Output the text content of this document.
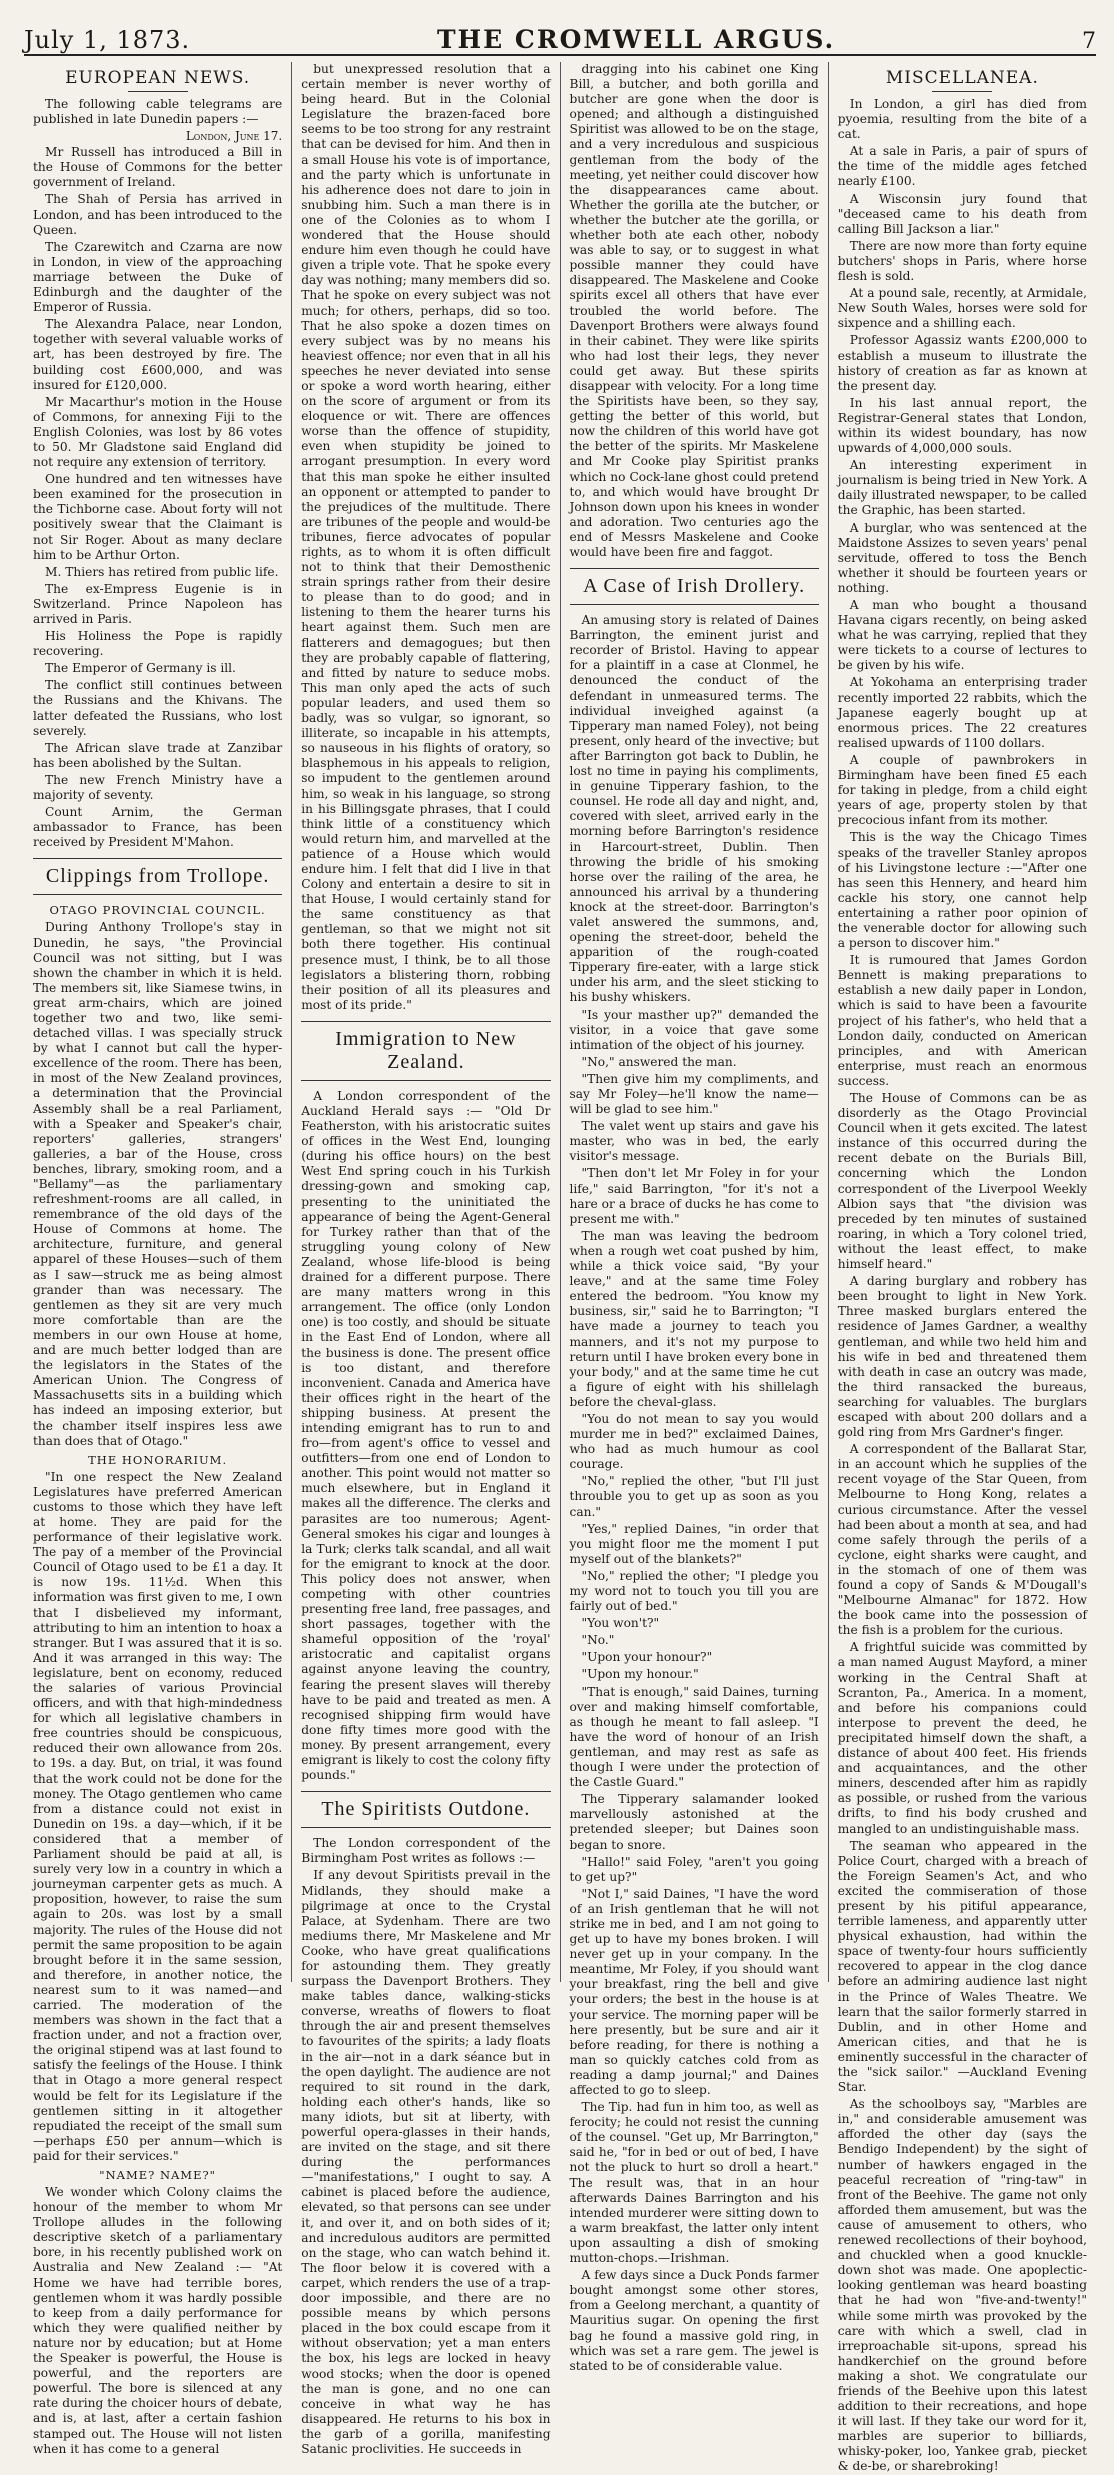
July 1, 1873.	THE CROMWELL ARGUS.	7
EUROPEAN NEWS.

The following cable telegrams are published in late Dunedin papers :—

London, June 17.

Mr Russell has introduced a Bill in the House of Commons for the better government of Ireland.

The Shah of Persia has arrived in London, and has been introduced to the Queen.

The Czarewitch and Czarna are now in London, in view of the approaching marriage between the Duke of Edinburgh and the daughter of the Emperor of Russia.

The Alexandra Palace, near London, together with several valuable works of art, has been destroyed by fire. The building cost £600,000, and was insured for £120,000.

Mr Macarthur's motion in the House of Commons, for annexing Fiji to the English Colonies, was lost by 86 votes to 50. Mr Gladstone said England did not require any extension of territory.

One hundred and ten witnesses have been examined for the prosecution in the Tichborne case. About forty will not positively swear that the Claimant is not Sir Roger. About as many declare him to be Arthur Orton.

M. Thiers has retired from public life.

The ex-Empress Eugenie is in Switzerland. Prince Napoleon has arrived in Paris.

His Holiness the Pope is rapidly recovering.

The Emperor of Germany is ill.

The conflict still continues between the Russians and the Khivans. The latter defeated the Russians, who lost severely.

The African slave trade at Zanzibar has been abolished by the Sultan.

The new French Ministry have a majority of seventy.

Count Arnim, the German ambassador to France, has been received by President M'Mahon.

Clippings from Trollope.
OTAGO PROVINCIAL COUNCIL.

During Anthony Trollope's stay in Dunedin, he says, "the Provincial Council was not sitting, but I was shown the chamber in which it is held. The members sit, like Siamese twins, in great arm-chairs, which are joined together two and two, like semi-detached villas. I was specially struck by what I cannot but call the hyper-excellence of the room. There has been, in most of the New Zealand provinces, a determination that the Provincial Assembly shall be a real Parliament, with a Speaker and Speaker's chair, reporters' galleries, strangers' galleries, a bar of the House, cross benches, library, smoking room, and a "Bellamy"—as the parliamentary refreshment-rooms are all called, in remembrance of the old days of the House of Commons at home. The architecture, furniture, and general apparel of these Houses—such of them as I saw—struck me as being almost grander than was necessary. The gentlemen as they sit are very much more comfortable than are the members in our own House at home, and are much better lodged than are the legislators in the States of the American Union. The Congress of Massachusetts sits in a building which has indeed an imposing exterior, but the chamber itself inspires less awe than does that of Otago."

THE HONORARIUM.

"In one respect the New Zealand Legislatures have preferred American customs to those which they have left at home. They are paid for the performance of their legislative work. The pay of a member of the Provincial Council of Otago used to be £1 a day. It is now 19s. 11½d. When this information was first given to me, I own that I disbelieved my informant, attributing to him an intention to hoax a stranger. But I was assured that it is so. And it was arranged in this way: The legislature, bent on economy, reduced the salaries of various Provincial officers, and with that high-mindedness for which all legislative chambers in free countries should be conspicuous, reduced their own allowance from 20s. to 19s. a day. But, on trial, it was found that the work could not be done for the money. The Otago gentlemen who came from a distance could not exist in Dunedin on 19s. a day—which, if it be considered that a member of Parliament should be paid at all, is surely very low in a country in which a journeyman carpenter gets as much. A proposition, however, to raise the sum again to 20s. was lost by a small majority. The rules of the House did not permit the same proposition to be again brought before it in the same session, and therefore, in another notice, the nearest sum to it was named—and carried. The moderation of the members was shown in the fact that a fraction under, and not a fraction over, the original stipend was at last found to satisfy the feelings of the House. I think that in Otago a more general respect would be felt for its Legislature if the gentlemen sitting in it altogether repudiated the receipt of the small sum—perhaps £50 per annum—which is paid for their services."

"NAME? NAME?"

We wonder which Colony claims the honour of the member to whom Mr Trollope alludes in the following descriptive sketch of a parliamentary bore, in his recently published work on Australia and New Zealand :— "At Home we have had terrible bores, gentlemen whom it was hardly possible to keep from a daily performance for which they were qualified neither by nature nor by education; but at Home the Speaker is powerful, the House is powerful, and the reporters are powerful. The bore is silenced at any rate during the choicer hours of debate, and is, at last, after a certain fashion stamped out. The House will not listen when it has come to a general

but unexpressed resolution that a certain member is never worthy of being heard. But in the Colonial Legislature the brazen-faced bore seems to be too strong for any restraint that can be devised for him. And then in a small House his vote is of importance, and the party which is unfortunate in his adherence does not dare to join in snubbing him. Such a man there is in one of the Colonies as to whom I wondered that the House should endure him even though he could have given a triple vote. That he spoke every day was nothing; many members did so. That he spoke on every subject was not much; for others, perhaps, did so too. That he also spoke a dozen times on every subject was by no means his heaviest offence; nor even that in all his speeches he never deviated into sense or spoke a word worth hearing, either on the score of argument or from its eloquence or wit. There are offences worse than the offence of stupidity, even when stupidity be joined to arrogant presumption. In every word that this man spoke he either insulted an opponent or attempted to pander to the prejudices of the multitude. There are tribunes of the people and would-be tribunes, fierce advocates of popular rights, as to whom it is often difficult not to think that their Demosthenic strain springs rather from their desire to please than to do good; and in listening to them the hearer turns his heart against them. Such men are flatterers and demagogues; but then they are probably capable of flattering, and fitted by nature to seduce mobs. This man only aped the acts of such popular leaders, and used them so badly, was so vulgar, so ignorant, so illiterate, so incapable in his attempts, so nauseous in his flights of oratory, so blasphemous in his appeals to religion, so impudent to the gentlemen around him, so weak in his language, so strong in his Billingsgate phrases, that I could think little of a constituency which would return him, and marvelled at the patience of a House which would endure him. I felt that did I live in that Colony and entertain a desire to sit in that House, I would certainly stand for the same constituency as that gentleman, so that we might not sit both there together. His continual presence must, I think, be to all those legislators a blistering thorn, robbing their position of all its pleasures and most of its pride."

Immigration to New Zealand.

A London correspondent of the Auckland Herald says :— "Old Dr Featherston, with his aristocratic suites of offices in the West End, lounging (during his office hours) on the best West End spring couch in his Turkish dressing-gown and smoking cap, presenting to the uninitiated the appearance of being the Agent-General for Turkey rather than that of the struggling young colony of New Zealand, whose life-blood is being drained for a different purpose. There are many matters wrong in this arrangement. The office (only London one) is too costly, and should be situate in the East End of London, where all the business is done. The present office is too distant, and therefore inconvenient. Canada and America have their offices right in the heart of the shipping business. At present the intending emigrant has to run to and fro—from agent's office to vessel and outfitters—from one end of London to another. This point would not matter so much elsewhere, but in England it makes all the difference. The clerks and parasites are too numerous; Agent-General smokes his cigar and lounges à la Turk; clerks talk scandal, and all wait for the emigrant to knock at the door. This policy does not answer, when competing with other countries presenting free land, free passages, and short passages, together with the shameful opposition of the 'royal' aristocratic and capitalist organs against anyone leaving the country, fearing the present slaves will thereby have to be paid and treated as men. A recognised shipping firm would have done fifty times more good with the money. By present arrangement, every emigrant is likely to cost the colony fifty pounds."

The Spiritists Outdone.

The London correspondent of the Birmingham Post writes as follows :—

If any devout Spiritists prevail in the Midlands, they should make a pilgrimage at once to the Crystal Palace, at Sydenham. There are two mediums there, Mr Maskelene and Mr Cooke, who have great qualifications for astounding them. They greatly surpass the Davenport Brothers. They make tables dance, walking-sticks converse, wreaths of flowers to float through the air and present themselves to favourites of the spirits; a lady floats in the air—not in a dark séance but in the open daylight. The audience are not required to sit round in the dark, holding each other's hands, like so many idiots, but sit at liberty, with powerful opera-glasses in their hands, are invited on the stage, and sit there during the performances—"manifestations," I ought to say. A cabinet is placed before the audience, elevated, so that persons can see under it, and over it, and on both sides of it; and incredulous auditors are permitted on the stage, who can watch behind it. The floor below it is covered with a carpet, which renders the use of a trap-door impossible, and there are no possible means by which persons placed in the box could escape from it without observation; yet a man enters the box, his legs are locked in heavy wood stocks; when the door is opened the man is gone, and no one can conceive in what way he has disappeared. He returns to his box in the garb of a gorilla, manifesting Satanic proclivities. He succeeds in

dragging into his cabinet one King Bill, a butcher, and both gorilla and butcher are gone when the door is opened; and although a distinguished Spiritist was allowed to be on the stage, and a very incredulous and suspicious gentleman from the body of the meeting, yet neither could discover how the disappearances came about. Whether the gorilla ate the butcher, or whether the butcher ate the gorilla, or whether both ate each other, nobody was able to say, or to suggest in what possible manner they could have disappeared. The Maskelene and Cooke spirits excel all others that have ever troubled the world before. The Davenport Brothers were always found in their cabinet. They were like spirits who had lost their legs, they never could get away. But these spirits disappear with velocity. For a long time the Spiritists have been, so they say, getting the better of this world, but now the children of this world have got the better of the spirits. Mr Maskelene and Mr Cooke play Spiritist pranks which no Cock-lane ghost could pretend to, and which would have brought Dr Johnson down upon his knees in wonder and adoration. Two centuries ago the end of Messrs Maskelene and Cooke would have been fire and faggot.

A Case of Irish Drollery.

An amusing story is related of Daines Barrington, the eminent jurist and recorder of Bristol. Having to appear for a plaintiff in a case at Clonmel, he denounced the conduct of the defendant in unmeasured terms. The individual inveighed against (a Tipperary man named Foley), not being present, only heard of the invective; but after Barrington got back to Dublin, he lost no time in paying his compliments, in genuine Tipperary fashion, to the counsel. He rode all day and night, and, covered with sleet, arrived early in the morning before Barrington's residence in Harcourt-street, Dublin. Then throwing the bridle of his smoking horse over the railing of the area, he announced his arrival by a thundering knock at the street-door. Barrington's valet answered the summons, and, opening the street-door, beheld the apparition of the rough-coated Tipperary fire-eater, with a large stick under his arm, and the sleet sticking to his bushy whiskers.

"Is your masther up?" demanded the visitor, in a voice that gave some intimation of the object of his journey.

"No," answered the man.

"Then give him my compliments, and say Mr Foley—he'll know the name—will be glad to see him."

The valet went up stairs and gave his master, who was in bed, the early visitor's message.

"Then don't let Mr Foley in for your life," said Barrington, "for it's not a hare or a brace of ducks he has come to present me with."

The man was leaving the bedroom when a rough wet coat pushed by him, while a thick voice said, "By your leave," and at the same time Foley entered the bedroom. "You know my business, sir," said he to Barrington; "I have made a journey to teach you manners, and it's not my purpose to return until I have broken every bone in your body," and at the same time he cut a figure of eight with his shillelagh before the cheval-glass.

"You do not mean to say you would murder me in bed?" exclaimed Daines, who had as much humour as cool courage.

"No," replied the other, "but I'll just throuble you to get up as soon as you can."

"Yes," replied Daines, "in order that you might floor me the moment I put myself out of the blankets?"

"No," replied the other; "I pledge you my word not to touch you till you are fairly out of bed."

"You won't?"

"No."

"Upon your honour?"

"Upon my honour."

"That is enough," said Daines, turning over and making himself comfortable, as though he meant to fall asleep. "I have the word of honour of an Irish gentleman, and may rest as safe as though I were under the protection of the Castle Guard."

The Tipperary salamander looked marvellously astonished at the pretended sleeper; but Daines soon began to snore.

"Hallo!" said Foley, "aren't you going to get up?"

"Not I," said Daines, "I have the word of an Irish gentleman that he will not strike me in bed, and I am not going to get up to have my bones broken. I will never get up in your company. In the meantime, Mr Foley, if you should want your breakfast, ring the bell and give your orders; the best in the house is at your service. The morning paper will be here presently, but be sure and air it before reading, for there is nothing a man so quickly catches cold from as reading a damp journal;" and Daines affected to go to sleep.

The Tip. had fun in him too, as well as ferocity; he could not resist the cunning of the counsel. "Get up, Mr Barrington," said he, "for in bed or out of bed, I have not the pluck to hurt so droll a heart." The result was, that in an hour afterwards Daines Barrington and his intended murderer were sitting down to a warm breakfast, the latter only intent upon assaulting a dish of smoking mutton-chops.—Irishman.

A few days since a Duck Ponds farmer bought amongst some other stores, from a Geelong merchant, a quantity of Mauritius sugar. On opening the first bag he found a massive gold ring, in which was set a rare gem. The jewel is stated to be of considerable value.

MISCELLANEA.

In London, a girl has died from pyoemia, resulting from the bite of a cat.

At a sale in Paris, a pair of spurs of the time of the middle ages fetched nearly £100.

A Wisconsin jury found that "deceased came to his death from calling Bill Jackson a liar."

There are now more than forty equine butchers' shops in Paris, where horse flesh is sold.

At a pound sale, recently, at Armidale, New South Wales, horses were sold for sixpence and a shilling each.

Professor Agassiz wants £200,000 to establish a museum to illustrate the history of creation as far as known at the present day.

In his last annual report, the Registrar-General states that London, within its widest boundary, has now upwards of 4,000,000 souls.

An interesting experiment in journalism is being tried in New York. A daily illustrated newspaper, to be called the Graphic, has been started.

A burglar, who was sentenced at the Maidstone Assizes to seven years' penal servitude, offered to toss the Bench whether it should be fourteen years or nothing.

A man who bought a thousand Havana cigars recently, on being asked what he was carrying, replied that they were tickets to a course of lectures to be given by his wife.

At Yokohama an enterprising trader recently imported 22 rabbits, which the Japanese eagerly bought up at enormous prices. The 22 creatures realised upwards of 1100 dollars.

A couple of pawnbrokers in Birmingham have been fined £5 each for taking in pledge, from a child eight years of age, property stolen by that precocious infant from its mother.

This is the way the Chicago Times speaks of the traveller Stanley apropos of his Livingstone lecture :—"After one has seen this Hennery, and heard him cackle his story, one cannot help entertaining a rather poor opinion of the venerable doctor for allowing such a person to discover him."

It is rumoured that James Gordon Bennett is making preparations to establish a new daily paper in London, which is said to have been a favourite project of his father's, who held that a London daily, conducted on American principles, and with American enterprise, must reach an enormous success.

The House of Commons can be as disorderly as the Otago Provincial Council when it gets excited. The latest instance of this occurred during the recent debate on the Burials Bill, concerning which the London correspondent of the Liverpool Weekly Albion says that "the division was preceded by ten minutes of sustained roaring, in which a Tory colonel tried, without the least effect, to make himself heard."

A daring burglary and robbery has been brought to light in New York. Three masked burglars entered the residence of James Gardner, a wealthy gentleman, and while two held him and his wife in bed and threatened them with death in case an outcry was made, the third ransacked the bureaus, searching for valuables. The burglars escaped with about 200 dollars and a gold ring from Mrs Gardner's finger.

A correspondent of the Ballarat Star, in an account which he supplies of the recent voyage of the Star Queen, from Melbourne to Hong Kong, relates a curious circumstance. After the vessel had been about a month at sea, and had come safely through the perils of a cyclone, eight sharks were caught, and in the stomach of one of them was found a copy of Sands & M'Dougall's "Melbourne Almanac" for 1872. How the book came into the possession of the fish is a problem for the curious.

A frightful suicide was committed by a man named August Mayford, a miner working in the Central Shaft at Scranton, Pa., America. In a moment, and before his companions could interpose to prevent the deed, he precipitated himself down the shaft, a distance of about 400 feet. His friends and acquaintances, and the other miners, descended after him as rapidly as possible, or rushed from the various drifts, to find his body crushed and mangled to an undistinguishable mass.

The seaman who appeared in the Police Court, charged with a breach of the Foreign Seamen's Act, and who excited the commiseration of those present by his pitiful appearance, terrible lameness, and apparently utter physical exhaustion, had within the space of twenty-four hours sufficiently recovered to appear in the clog dance before an admiring audience last night in the Prince of Wales Theatre. We learn that the sailor formerly starred in Dublin, and in other Home and American cities, and that he is eminently successful in the character of the "sick sailor." —Auckland Evening Star.

As the schoolboys say, "Marbles are in," and considerable amusement was afforded the other day (says the Bendigo Independent) by the sight of number of hawkers engaged in the peaceful recreation of "ring-taw" in front of the Beehive. The game not only afforded them amusement, but was the cause of amusement to others, who renewed recollections of their boyhood, and chuckled when a good knuckle-down shot was made. One apoplectic-looking gentleman was heard boasting that he had won "five-and-twenty!" while some mirth was provoked by the care with which a swell, clad in irreproachable sit-upons, spread his handkerchief on the ground before making a shot. We congratulate our friends of the Beehive upon this latest addition to their recreations, and hope it will last. If they take our word for it, marbles are superior to billiards, whisky-poker, loo, Yankee grab, piecket & de-be, or sharebroking!
